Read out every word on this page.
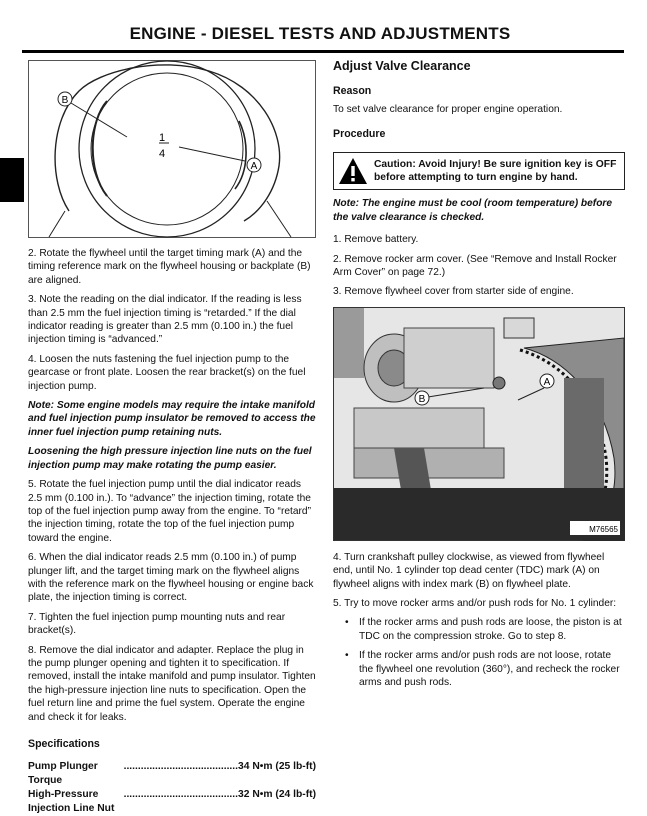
ENGINE - DIESEL TESTS AND ADJUSTMENTS
1
4
B
A

2. Rotate the flywheel until the target timing mark (A) and the timing reference mark on the flywheel housing or backplate (B) are aligned.

3. Note the reading on the dial indicator. If the reading is less than 2.5 mm the fuel injection timing is “retarded.” If the dial indicator reading is greater than 2.5 mm (0.100 in.) the fuel injection timing is “advanced.”

4. Loosen the nuts fastening the fuel injection pump to the gearcase or front plate. Loosen the rear bracket(s) on the fuel injection pump.

Note: Some engine models may require the intake manifold and fuel injection pump insulator be removed to access the inner fuel injection pump retaining nuts.

Loosening the high pressure injection line nuts on the fuel injection pump may make rotating the pump easier.

5. Rotate the fuel injection pump until the dial indicator reads 2.5 mm (0.100 in.). To “advance” the injection timing, rotate the top of the fuel injection pump away from the engine. To “retard” the injection timing, rotate the top of the fuel injection pump toward the engine.

6. When the dial indicator reads 2.5 mm (0.100 in.) of pump plunger lift, and the target timing mark on the flywheel aligns with the reference mark on the flywheel housing or engine back plate, the injection timing is correct.

7. Tighten the fuel injection pump mounting nuts and rear bracket(s).

8. Remove the dial indicator and adapter. Replace the plug in the pump plunger opening and tighten it to specification. If removed, install the intake manifold and pump insulator. Tighten the high-pressure injection line nuts to specification. Open the fuel return line and prime the fuel system. Operate the engine and check it for leaks.

Specifications
Pump Plunger Torque
........................................ 34 N•m (25 lb-ft)
High-Pressure Injection Line Nut
........................................ 32 N•m (24 lb-ft)
Adjust Valve Clearance
Reason

To set valve clearance for proper engine operation.

Procedure
Caution: Avoid Injury! Be sure ignition key is OFF before attempting to turn engine by hand.

Note: The engine must be cool (room temperature) before the valve clearance is checked.

1. Remove battery.

2. Remove rocker arm cover. (See “Remove and Install Rocker Arm Cover” on page 72.)

3. Remove flywheel cover from starter side of engine.

B
A
M76565

4. Turn crankshaft pulley clockwise, as viewed from flywheel end, until No. 1 cylinder top dead center (TDC) mark (A) on flywheel aligns with index mark (B) on flywheel plate.

5. Try to move rocker arms and/or push rods for No. 1 cylinder:

•	If the rocker arms and push rods are loose, the piston is at TDC on the compression stroke. Go to step 8.
•	If the rocker arms and/or push rods are not loose, rotate the flywheel one revolution (360°), and recheck the rocker arms and push rods.
